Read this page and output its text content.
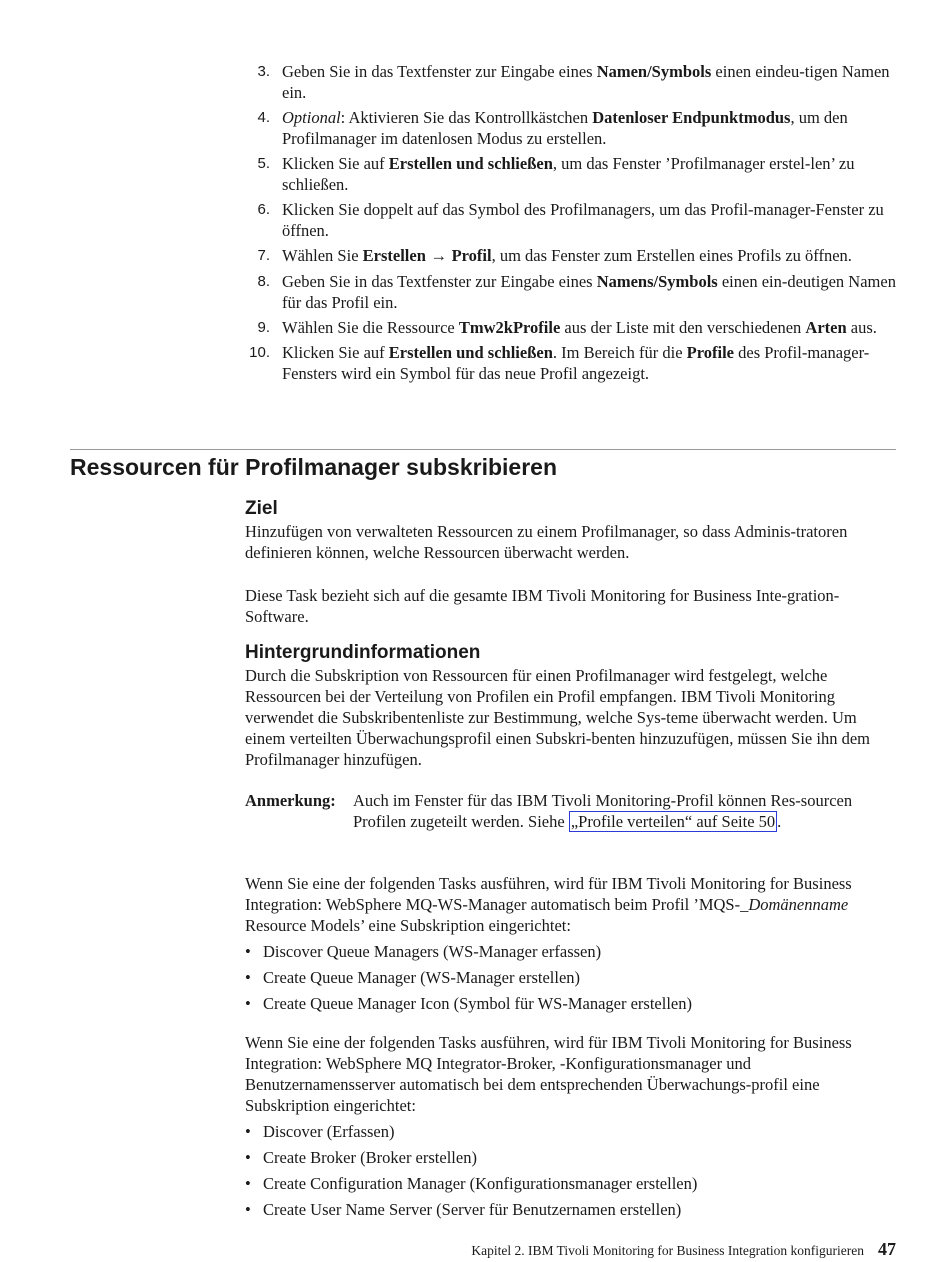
3. Geben Sie in das Textfenster zur Eingabe eines Namen/Symbols einen eindeu-tigen Namen ein.
4. Optional: Aktivieren Sie das Kontrollkästchen Datenloser Endpunktmodus, um den Profilmanager im datenlosen Modus zu erstellen.
5. Klicken Sie auf Erstellen und schließen, um das Fenster ’Profilmanager erstel-len’ zu schließen.
6. Klicken Sie doppelt auf das Symbol des Profilmanagers, um das Profil-manager-Fenster zu öffnen.
7. Wählen Sie Erstellen → Profil, um das Fenster zum Erstellen eines Profils zu öffnen.
8. Geben Sie in das Textfenster zur Eingabe eines Namens/Symbols einen ein-deutigen Namen für das Profil ein.
9. Wählen Sie die Ressource Tmw2kProfile aus der Liste mit den verschiedenen Arten aus.
10. Klicken Sie auf Erstellen und schließen. Im Bereich für die Profile des Profil-manager-Fensters wird ein Symbol für das neue Profil angezeigt.
Ressourcen für Profilmanager subskribieren
Ziel

Hinzufügen von verwalteten Ressourcen zu einem Profilmanager, so dass Adminis-tratoren definieren können, welche Ressourcen überwacht werden.

Diese Task bezieht sich auf die gesamte IBM Tivoli Monitoring for Business Inte-gration-Software.

Hintergrundinformationen

Durch die Subskription von Ressourcen für einen Profilmanager wird festgelegt, welche Ressourcen bei der Verteilung von Profilen ein Profil empfangen. IBM Tivoli Monitoring verwendet die Subskribentenliste zur Bestimmung, welche Sys-teme überwacht werden. Um einem verteilten Überwachungsprofil einen Subskri-benten hinzuzufügen, müssen Sie ihn dem Profilmanager hinzufügen.

Anmerkung: Auch im Fenster für das IBM Tivoli Monitoring-Profil können Res-sourcen Profilen zugeteilt werden. Siehe „Profile verteilen“ auf Seite 50 .

Wenn Sie eine der folgenden Tasks ausführen, wird für IBM Tivoli Monitoring for Business Integration: WebSphere MQ-WS-Manager automatisch beim Profil ’MQS-_Domänenname Resource Models’ eine Subskription eingerichtet:

• Discover Queue Managers (WS-Manager erfassen)
• Create Queue Manager (WS-Manager erstellen)
• Create Queue Manager Icon (Symbol für WS-Manager erstellen)

Wenn Sie eine der folgenden Tasks ausführen, wird für IBM Tivoli Monitoring for Business Integration: WebSphere MQ Integrator-Broker, -Konfigurationsmanager und Benutzernamensserver automatisch bei dem entsprechenden Überwachungs-profil eine Subskription eingerichtet:

• Discover (Erfassen)
• Create Broker (Broker erstellen)
• Create Configuration Manager (Konfigurationsmanager erstellen)
• Create User Name Server (Server für Benutzernamen erstellen)
Kapitel 2. IBM Tivoli Monitoring for Business Integration konfigurieren 47
